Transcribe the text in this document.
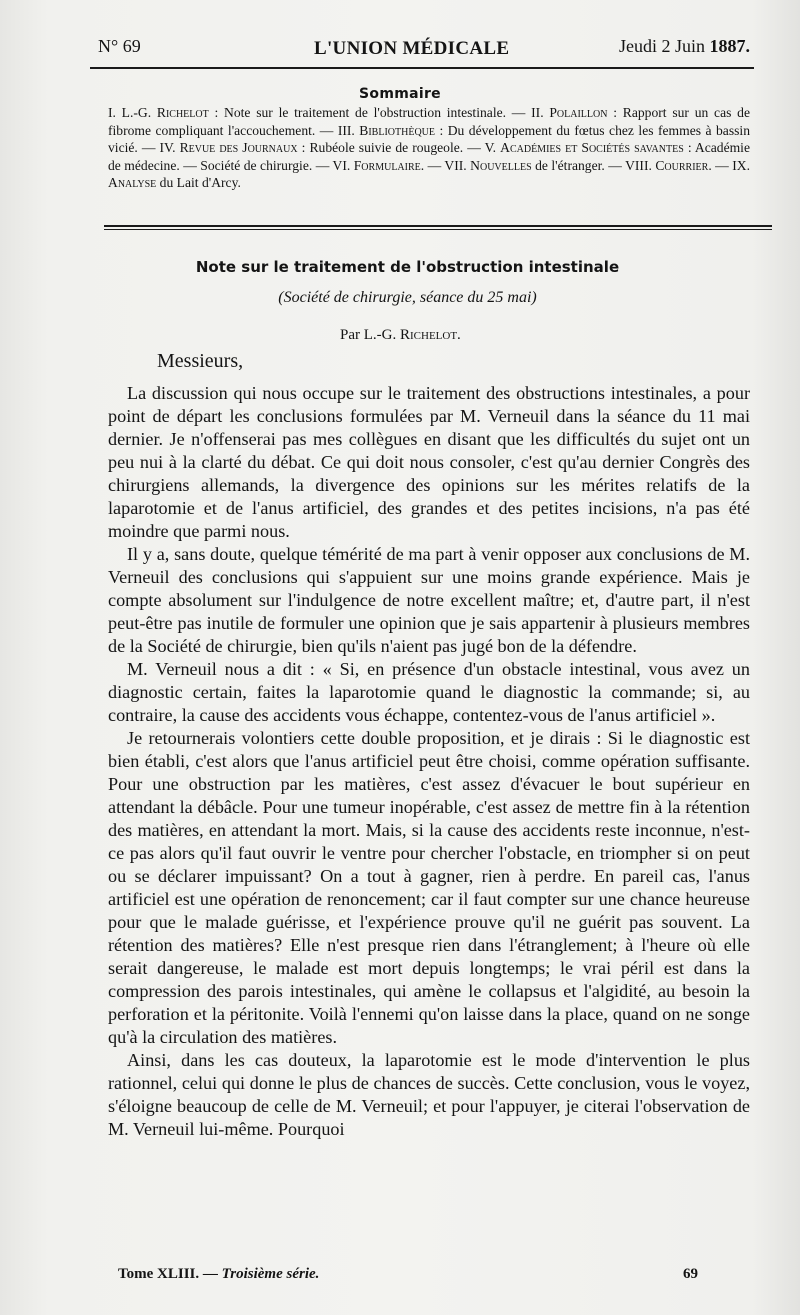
N° 69	L'UNION MÉDICALE	Jeudi 2 Juin 1887.
Sommaire
I. L.-G. Richelot : Note sur le traitement de l'obstruction intestinale. — II. Polaillon : Rapport sur un cas de fibrome compliquant l'accouchement. — III. Bibliothèque : Du développement du fœtus chez les femmes à bassin vicié. — IV. Revue des Journaux : Rubéole suivie de rougeole. — V. Académies et Sociétés savantes : Académie de médecine. — Société de chirurgie. — VI. Formulaire. — VII. Nouvelles de l'étranger. — VIII. Courrier. — IX. Analyse du Lait d'Arcy.
Note sur le traitement de l'obstruction intestinale
(Société de chirurgie, séance du 25 mai)
Par L.-G. Richelot.
Messieurs,

La discussion qui nous occupe sur le traitement des obstructions intestinales, a pour point de départ les conclusions formulées par M. Verneuil dans la séance du 11 mai dernier. Je n'offenserai pas mes collègues en disant que les difficultés du sujet ont un peu nui à la clarté du débat. Ce qui doit nous consoler, c'est qu'au dernier Congrès des chirurgiens allemands, la divergence des opinions sur les mérites relatifs de la laparotomie et de l'anus artificiel, des grandes et des petites incisions, n'a pas été moindre que parmi nous.

Il y a, sans doute, quelque témérité de ma part à venir opposer aux conclusions de M. Verneuil des conclusions qui s'appuient sur une moins grande expérience. Mais je compte absolument sur l'indulgence de notre excellent maître; et, d'autre part, il n'est peut-être pas inutile de formuler une opinion que je sais appartenir à plusieurs membres de la Société de chirurgie, bien qu'ils n'aient pas jugé bon de la défendre.

M. Verneuil nous a dit : « Si, en présence d'un obstacle intestinal, vous avez un diagnostic certain, faites la laparotomie quand le diagnostic la commande; si, au contraire, la cause des accidents vous échappe, contentez-vous de l'anus artificiel ».

Je retournerais volontiers cette double proposition, et je dirais : Si le diagnostic est bien établi, c'est alors que l'anus artificiel peut être choisi, comme opération suffisante. Pour une obstruction par les matières, c'est assez d'évacuer le bout supérieur en attendant la débâcle. Pour une tumeur inopérable, c'est assez de mettre fin à la rétention des matières, en attendant la mort. Mais, si la cause des accidents reste inconnue, n'est-ce pas alors qu'il faut ouvrir le ventre pour chercher l'obstacle, en triompher si on peut ou se déclarer impuissant? On a tout à gagner, rien à perdre. En pareil cas, l'anus artificiel est une opération de renoncement; car il faut compter sur une chance heureuse pour que le malade guérisse, et l'expérience prouve qu'il ne guérit pas souvent. La rétention des matières? Elle n'est presque rien dans l'étranglement; à l'heure où elle serait dangereuse, le malade est mort depuis longtemps; le vrai péril est dans la compression des parois intestinales, qui amène le collapsus et l'algidité, au besoin la perforation et la péritonite. Voilà l'ennemi qu'on laisse dans la place, quand on ne songe qu'à la circulation des matières.

Ainsi, dans les cas douteux, la laparotomie est le mode d'intervention le plus rationnel, celui qui donne le plus de chances de succès. Cette conclusion, vous le voyez, s'éloigne beaucoup de celle de M. Verneuil; et pour l'appuyer, je citerai l'observation de M. Verneuil lui-même. Pourquoi

Tome XLIII. — Troisième série.	69
